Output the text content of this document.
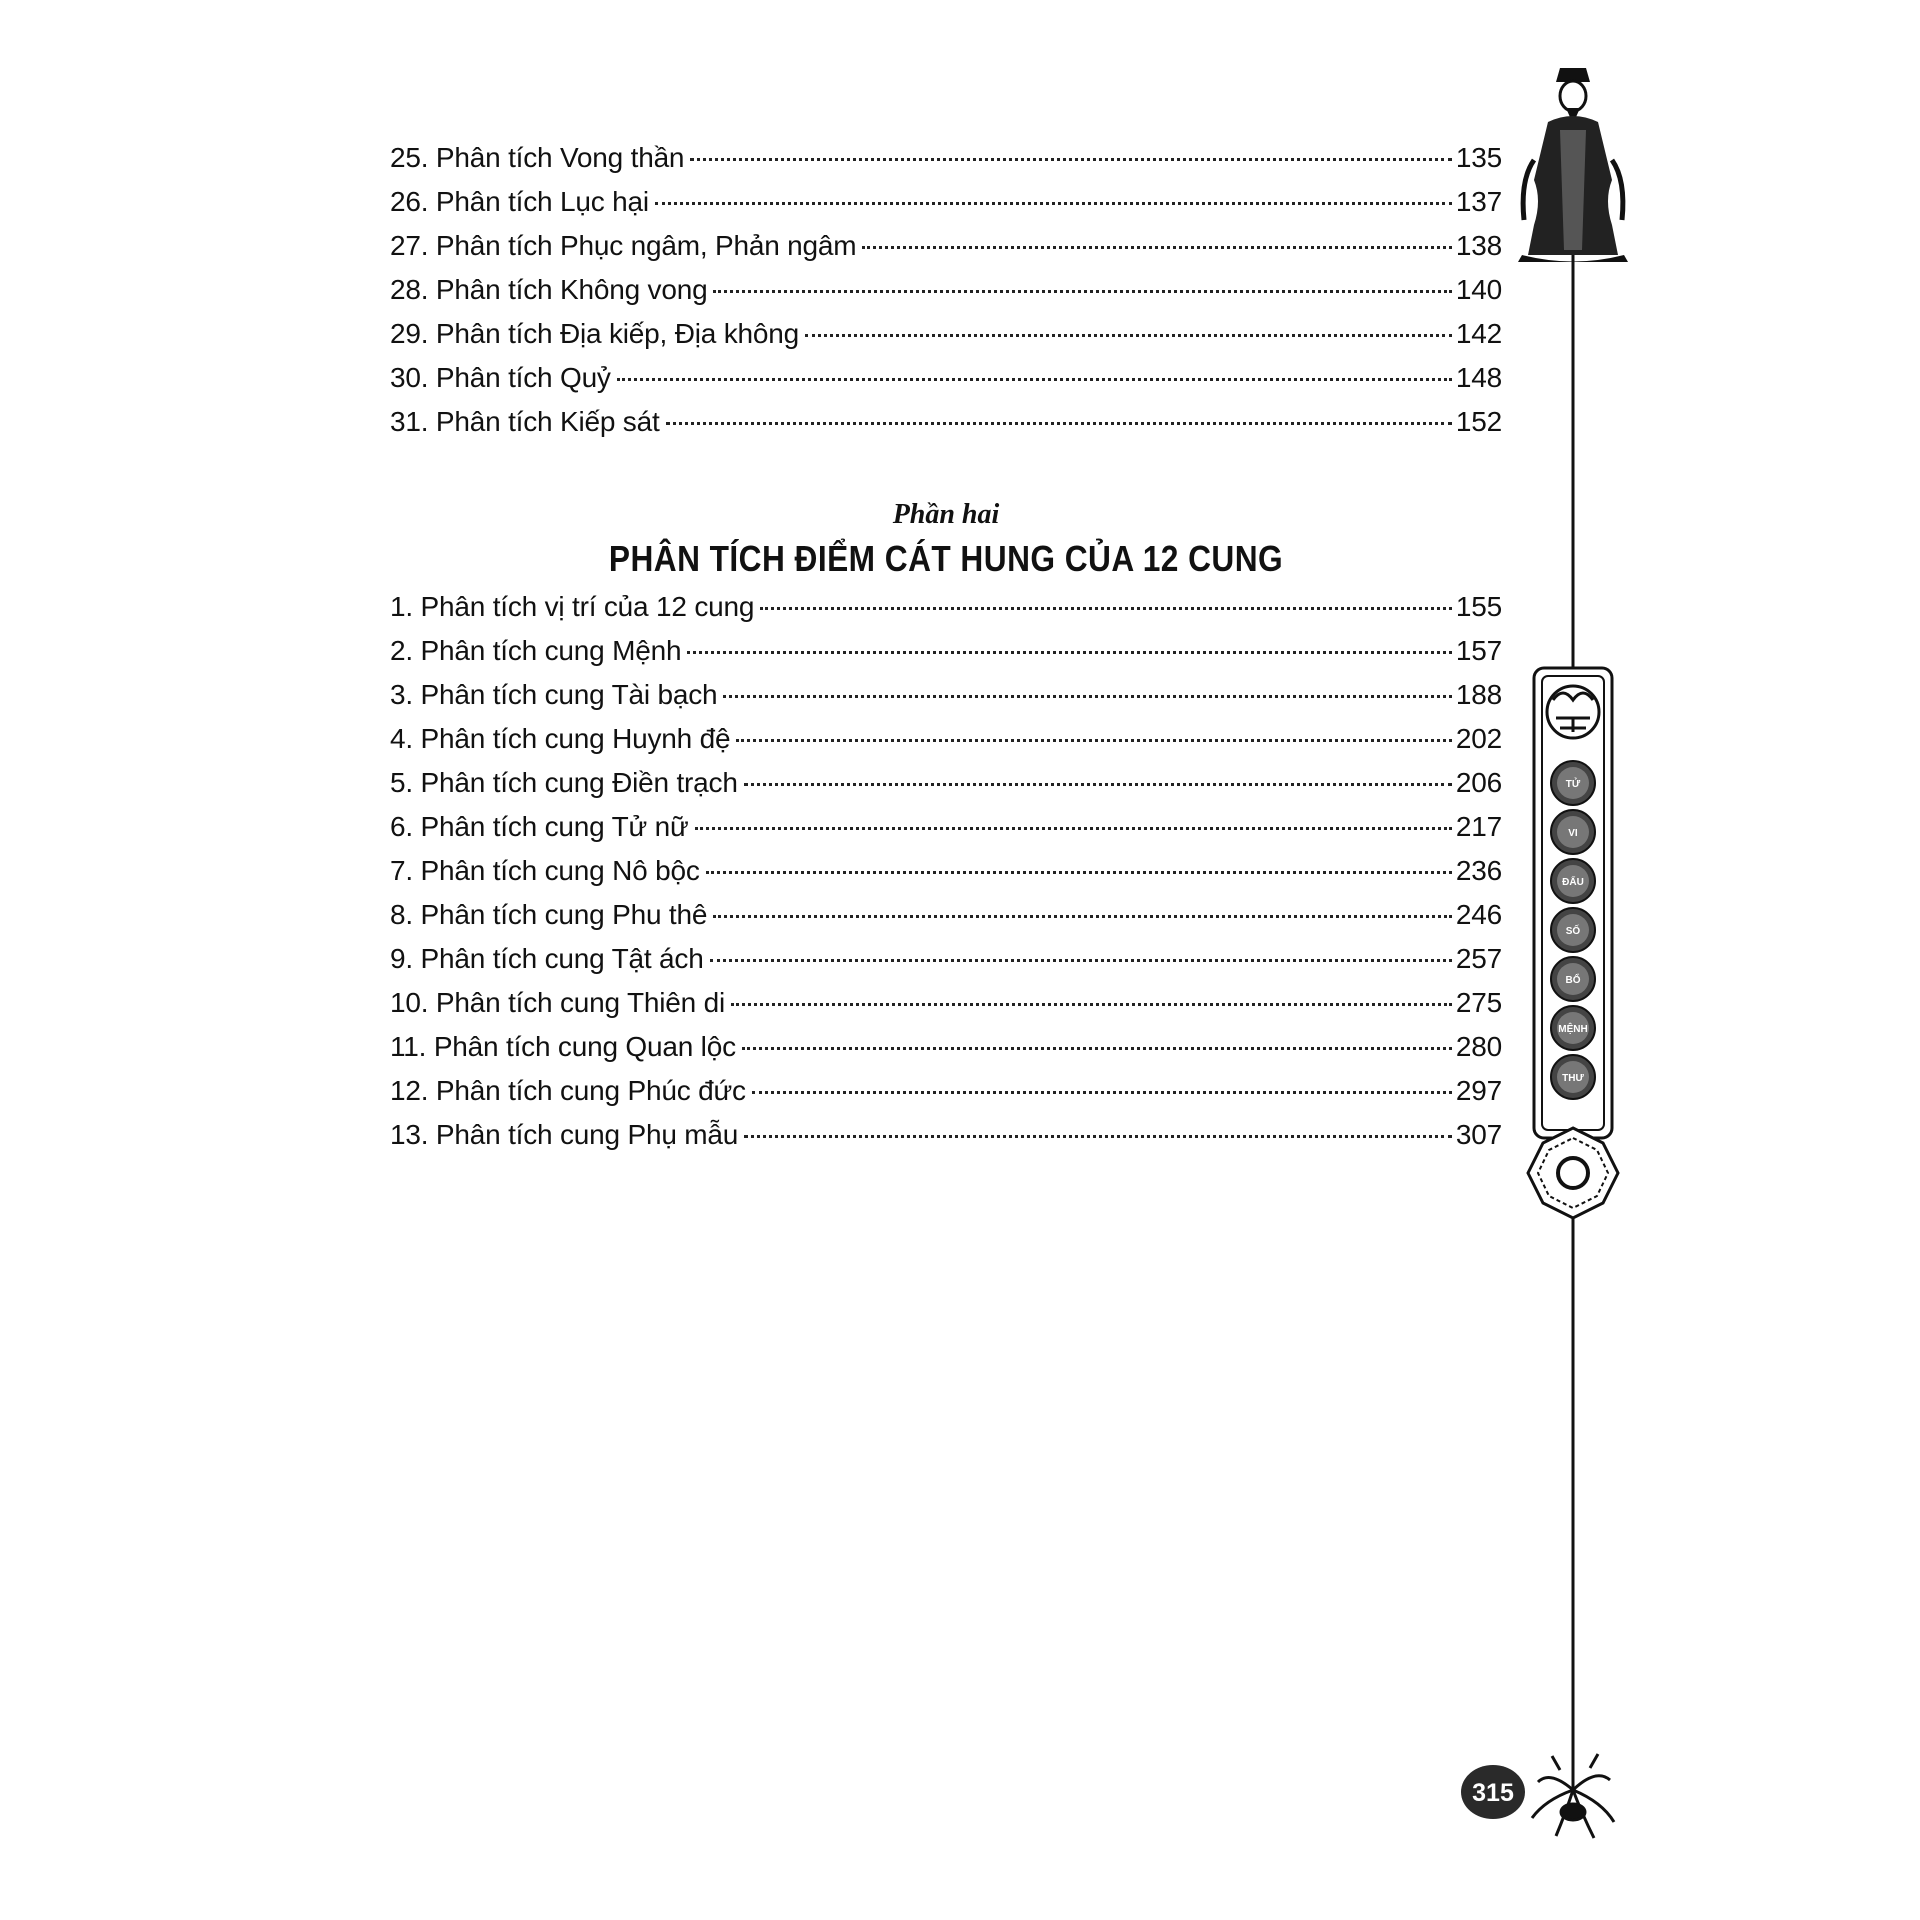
25. Phân tích Vong thần	135
26. Phân tích Lục hại	137
27. Phân tích Phục ngâm, Phản ngâm	138
28. Phân tích Không vong	140
29. Phân tích Địa kiếp, Địa không	142
30. Phân tích Quỷ	148
31. Phân tích Kiếp sát	152
Phần hai
PHÂN TÍCH ĐIỂM CÁT HUNG CỦA 12 CUNG
1. Phân tích vị trí của 12 cung	155
2. Phân tích cung Mệnh	157
3. Phân tích cung Tài bạch	188
4. Phân tích cung Huynh đệ	202
5. Phân tích cung Điền trạch	206
6. Phân tích cung Tử nữ	217
7. Phân tích cung Nô bộc	236
8. Phân tích cung Phu thê	246
9. Phân tích cung Tật ách	257
10. Phân tích cung Thiên di	275
11. Phân tích cung Quan lộc	280
12. Phân tích cung Phúc đức	297
13. Phân tích cung Phụ mẫu	307
TỬ
VI
ĐẨU
SỐ
BỔ
MỆNH
THƯ
315
